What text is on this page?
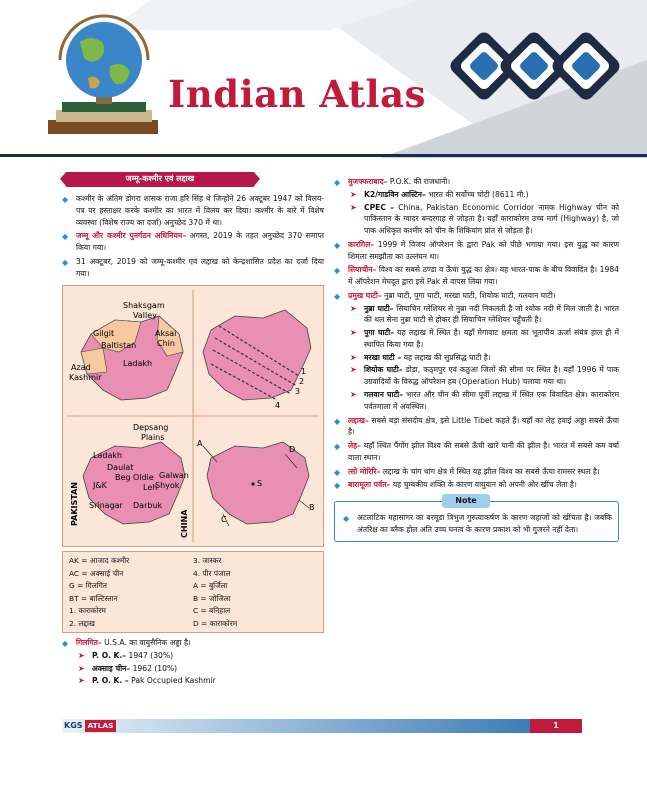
Indian Atlas
जम्मू-कश्मीर एवं लद्दाख
◆ कश्मीर के अंतिम डोगरा शासक राजा हरि सिंह थे जिन्होंने 26 अक्टूबर 1947 को विलय-पत्र पर हस्ताक्षर करके कश्मीर का भारत में विलय कर दिया। कश्मीर के बारे में विशेष व्यवस्था (विशेष राज्य का दर्जा) अनुच्छेद 370 में था।
◆ जम्मू और कश्मीर पुनर्गठन अधिनियम– अगस्त, 2019 के तहत अनुच्छेद 370 समाप्त किया गया।
◆ 31 अक्टूबर, 2019 को जम्मू-कश्मीर एवं लद्दाख को केन्द्रशासित प्रदेश का दर्जा दिया गया।
Shaksgam
Valley
Gilgit
Baltistan
Aksai
Chin
Azad
Kashmir
Ladakh
1
2
3
4
Depsang
Plains
Ladakh
Daulat
Beg Oldie Galwan
J&K	Leh
Shyok
Srinagar Darbuk
PAKISTAN	CHINA
A
B
C
D
S
AK = आजाद कश्मीर	3. जास्कर
AC = अक्साई चीन	4. पीर पंजाल
G = गिलगित	A = बुर्जिला
BT = बाल्टिस्तान	B = जोजिला
1. काराकोरम	C = बनिहाल
2. लद्दाख	D = काराकोरम
◆ गिलगित– U.S.A. का वायुसैनिक अड्डा है।
➤ P. O. K.– 1947 (30%)
➤ अक्साइ चीन– 1962 (10%)
➤ P. O. K. – Pak Occupied Kashmir
◆ मुजफ्फराबाद– P.O.K. की राजधानी।
➤ K2/गाडविन आस्टिन– भारत की सर्वोच्च चोटी (8611 मी.)
➤ CPEC – China, Pakistan Economic Corridor नामक Highway चीन को पाकिस्तान के ग्वादर बन्दरगाह से जोड़ता है। यहाँ काराकोरम उच्च मार्ग (Highway) है, जो पाक अधिकृत कश्मीर को चीन के शिकियांग प्रांत से जोड़ता है।
◆ कारगिल– 1999 में विजय ऑपरेशन के द्वारा Pak को पीछे भगाया गया। इस युद्ध का कारण शिमला समझौता का उल्लंघन था।
◆ सियाचीन– विश्व का सबसे ठण्डा व ऊँचा युद्ध का क्षेत्र। यह भारत-पाक के बीच विवादित है। 1984 में ऑपरेशन मेघदूत द्वारा इसे Pak से वापस लिया गया।
◆ प्रमुख घाटी– नुब्रा घाटी, पुगा घाटी, मरखा घाटी, शियोक घाटी, गलवान घाटी।
➤ नुब्रा घाटी– सियाचिन ग्लेशियर से नुब्रा नदी निकलती है जो श्योक नदी में मिल जाती है। भारत की थल सेना नुब्रा घाटी से होकर ही सियाचिन ग्लेशियर पहुँचती है।
➤ पुगा घाटी– यह लद्दाख में स्थित है। यहाँ मेगावाट क्षमता का भूतापीय ऊर्जा संयंत्र हाल ही में स्थापित किया गया है।
➤ मरखा घाटी – यह लद्दाख की सुप्रसिद्ध घाटी है।
➤ शियोक घाटी– डोडा, कठ्मपुर एवं कठुआ जिलों की सीमा पर स्थित है। यहाँ 1996 में पाक उग्रवादियों के विरुद्ध ऑपरेशन हब (Operation Hub) चलाया गया था।
➤ गलवान घाटी– भारत और चीन की सीमा पूर्वी लद्दाख में स्थित एक विवादित क्षेत्र। काराकोरम पर्वतमाला में अवस्थित।
◆ लद्दाख– सबसे बड़ा संसदीय क्षेत्र, इसे Little Tibet कहते हैं। यहाँ का लेह हवाई अड्डा सबसे ऊँचा है।
◆ लेह– यहाँ स्थित पैंगोंग झील विश्व की सबसे ऊँची खारे पानी की झील है। भारत में सबसे कम वर्षा वाला स्थान।
◆ त्सो मोरिरि– लद्दाख के चांग थांग क्षेत्र में स्थित यह झील विश्व का सबसे ऊँचा रामसर स्थल है।
◆ बारामूला पर्वत– यह चुम्बकीय शक्ति के कारण वायुयान को अपनी ओर खींच लेता है।
Note
◆ अटलांटिक महासागर का बरमूडा त्रिभुज गुरुत्वाकर्षण के कारण जहाजों को खींचता है। जबकि अंतरिक्ष का ब्लैक होल अति उच्च घनत्व के कारण प्रकाश को भी गुजरने नहीं देता।
KGS ATLAS	1
